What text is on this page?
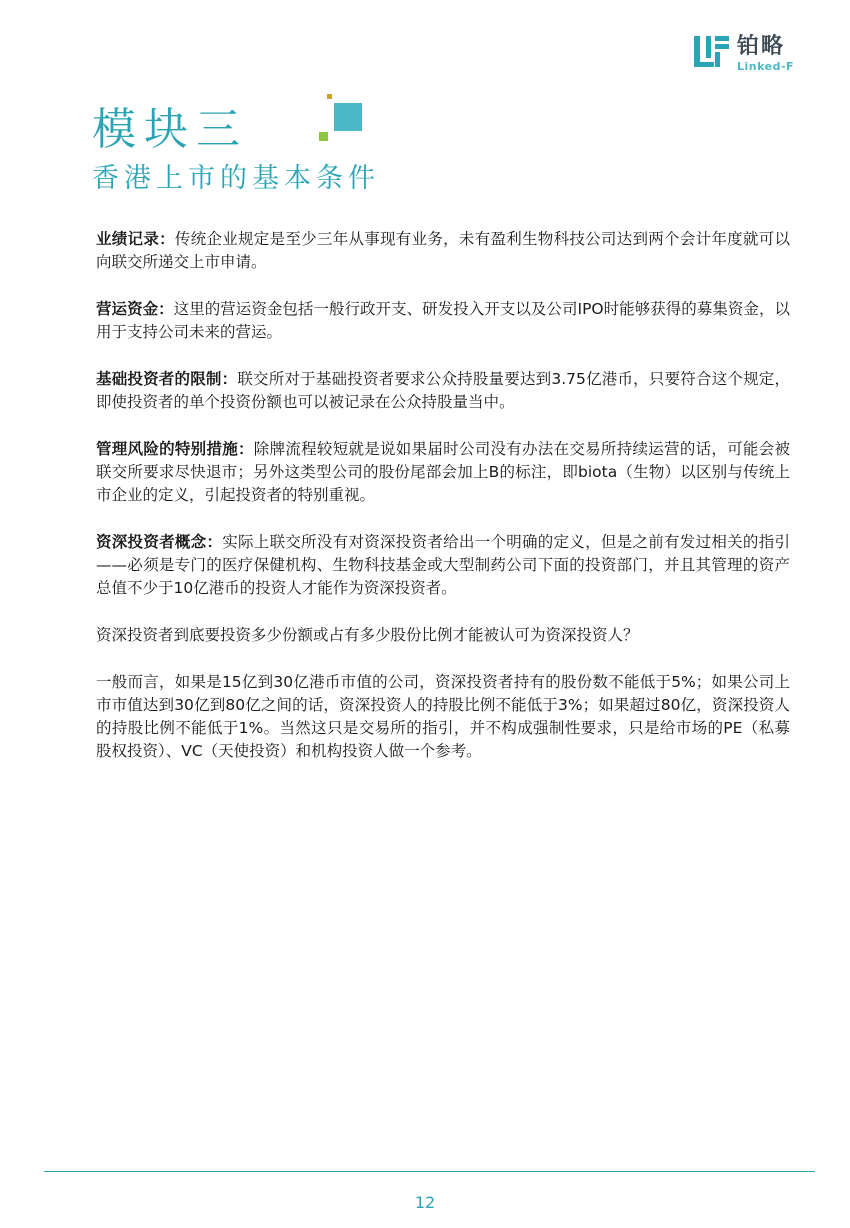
铂略
Linked-F
模块三
香港上市的基本条件

业绩记录：传统企业规定是至少三年从事现有业务，未有盈利生物科技公司达到两个会计年度就可以向联交所递交上市申请。

营运资金：这里的营运资金包括一般行政开支、研发投入开支以及公司IPO时能够获得的募集资金，以用于支持公司未来的营运。

基础投资者的限制：联交所对于基础投资者要求公众持股量要达到3.75亿港币，只要符合这个规定，即使投资者的单个投资份额也可以被记录在公众持股量当中。

管理风险的特别措施：除牌流程较短就是说如果届时公司没有办法在交易所持续运营的话，可能会被联交所要求尽快退市；另外这类型公司的股份尾部会加上B的标注，即biota（生物）以区别与传统上市企业的定义，引起投资者的特别重视。

资深投资者概念：实际上联交所没有对资深投资者给出一个明确的定义，但是之前有发过相关的指引——必须是专门的医疗保健机构、生物科技基金或大型制药公司下面的投资部门，并且其管理的资产总值不少于10亿港币的投资人才能作为资深投资者。

资深投资者到底要投资多少份额或占有多少股份比例才能被认可为资深投资人？

一般而言，如果是15亿到30亿港币市值的公司，资深投资者持有的股份数不能低于5%；如果公司上市市值达到30亿到80亿之间的话，资深投资人的持股比例不能低于3%；如果超过80亿，资深投资人的持股比例不能低于1%。当然这只是交易所的指引，并不构成强制性要求，只是给市场的PE（私募股权投资）、VC（天使投资）和机构投资人做一个参考。

12
